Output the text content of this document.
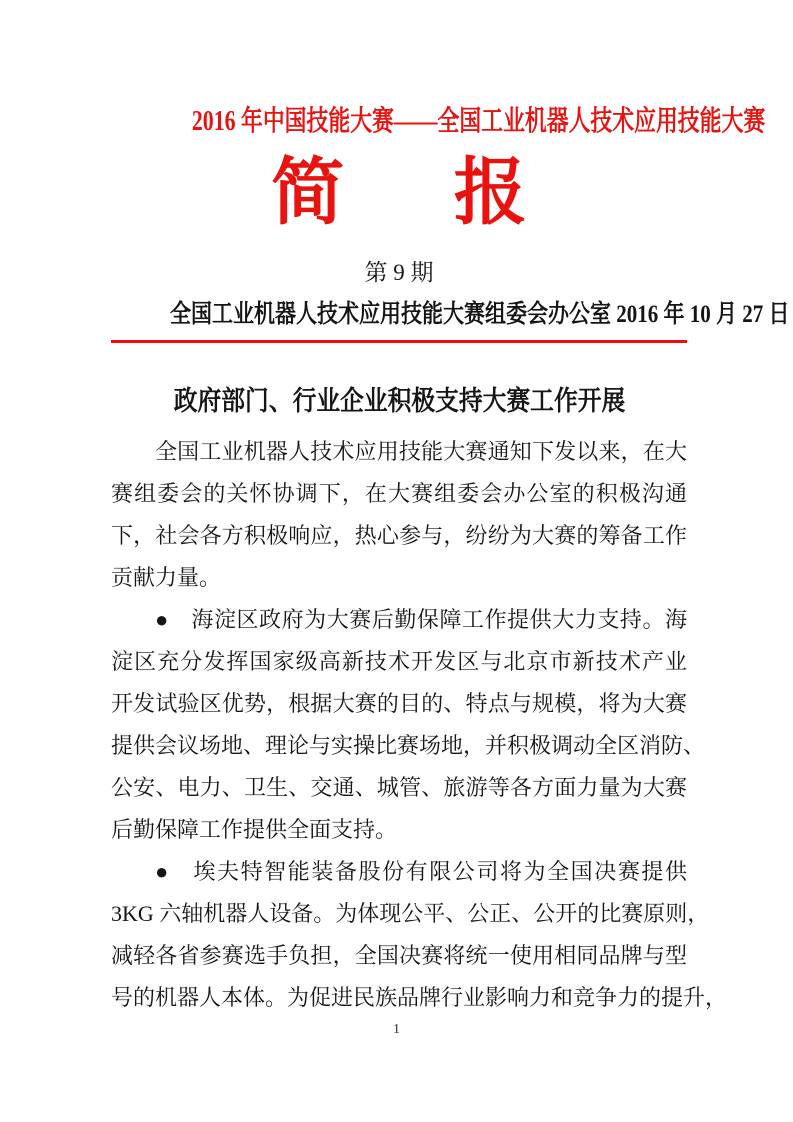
2016 年中国技能大赛——全国工业机器人技术应用技能大赛
简  报
第 9 期
全国工业机器人技术应用技能大赛组委会办公室 2016 年 10 月 27 日
政府部门、行业企业积极支持大赛工作开展
全国工业机器人技术应用技能大赛通知下发以来，在大
赛组委会的关怀协调下，在大赛组委会办公室的积极沟通
下，社会各方积极响应，热心参与，纷纷为大赛的筹备工作
贡献力量。
● 海淀区政府为大赛后勤保障工作提供大力支持。海
淀区充分发挥国家级高新技术开发区与北京市新技术产业
开发试验区优势，根据大赛的目的、特点与规模，将为大赛
提供会议场地、理论与实操比赛场地，并积极调动全区消防、
公安、电力、卫生、交通、城管、旅游等各方面力量为大赛
后勤保障工作提供全面支持。
● 埃夫特智能装备股份有限公司将为全国决赛提供
3KG 六轴机器人设备。为体现公平、公正、公开的比赛原则，
减轻各省参赛选手负担，全国决赛将统一使用相同品牌与型
号的机器人本体。为促进民族品牌行业影响力和竞争力的提升，
1
